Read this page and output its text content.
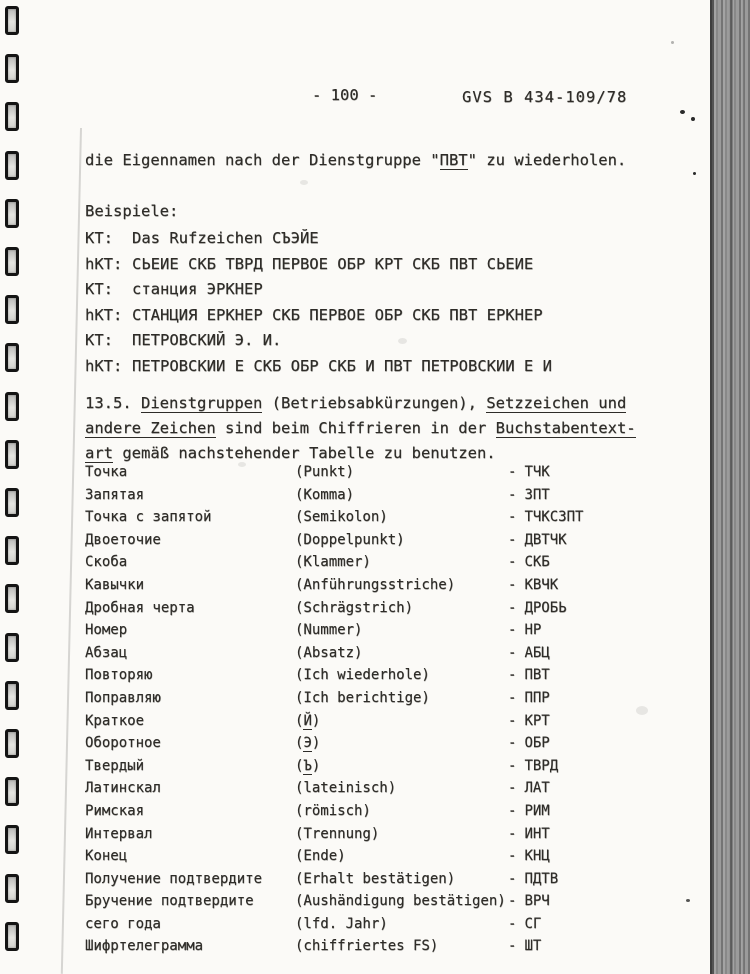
- 100 -	GVS B 434-109/78
die Eigennamen nach der Dienstgruppe "ПВТ" zu wiederholen.
Beispiele:
KT: Das Rufzeichen СЪЭЙЕ
hKT: СЬЕИЕ СКБ ТВРД ПЕРВОЕ ОБР КРТ СКБ ПВТ СЬЕИЕ
KT: станция ЭРКНЕР
hKT: СТАНЦИЯ ЕРКНЕР СКБ ПЕРВОЕ ОБР СКБ ПВТ ЕРКНЕР
KT: ПЕТРОВСКИЙ Э. И.
hKT: ПЕТРОВСКИИ Е СКБ ОБР СКБ И ПВТ ПЕТРОВСКИИ Е И
13.5. Dienstgruppen (Betriebsabkürzungen), Setzzeichen und
andere Zeichen sind beim Chiffrieren in der Buchstabentext-
art gemäß nachstehender Tabelle zu benutzen.
Точка	(Punkt)	- ТЧК
Запятая	(Komma)	- ЗПТ
Точка с запятой	(Semikolon)	- ТЧКСЗПТ
Двоеточие	(Doppelpunkt)	- ДВТЧК
Скоба	(Klammer)	- СКБ
Кавычки	(Anführungsstriche)	- КВЧК
Дробная черта	(Schrägstrich)	- ДРОБЬ
Номер	(Nummer)	- НР
Абзац	(Absatz)	- АБЦ
Повторяю	(Ich wiederhole)	- ПВТ
Поправляю	(Ich berichtige)	- ППР
Краткое	(Й)	- КРТ
Оборотное	(Э)	- ОБР
Твердый	(Ъ)	- ТВРД
Латинскал	(lateinisch)	- ЛАТ
Римская	(römisch)	- РИМ
Интервал	(Trennung)	- ИНТ
Конец	(Ende)	- КНЦ
Получение подтвердите	(Erhalt bestätigen)	- ПДТВ
Бручение подтвердите	(Aushändigung bestätigen) - ВРЧ
сего года	(lfd. Jahr)	- СГ
Шифртелеграмма	(chiffriertes FS)	- ШТ
